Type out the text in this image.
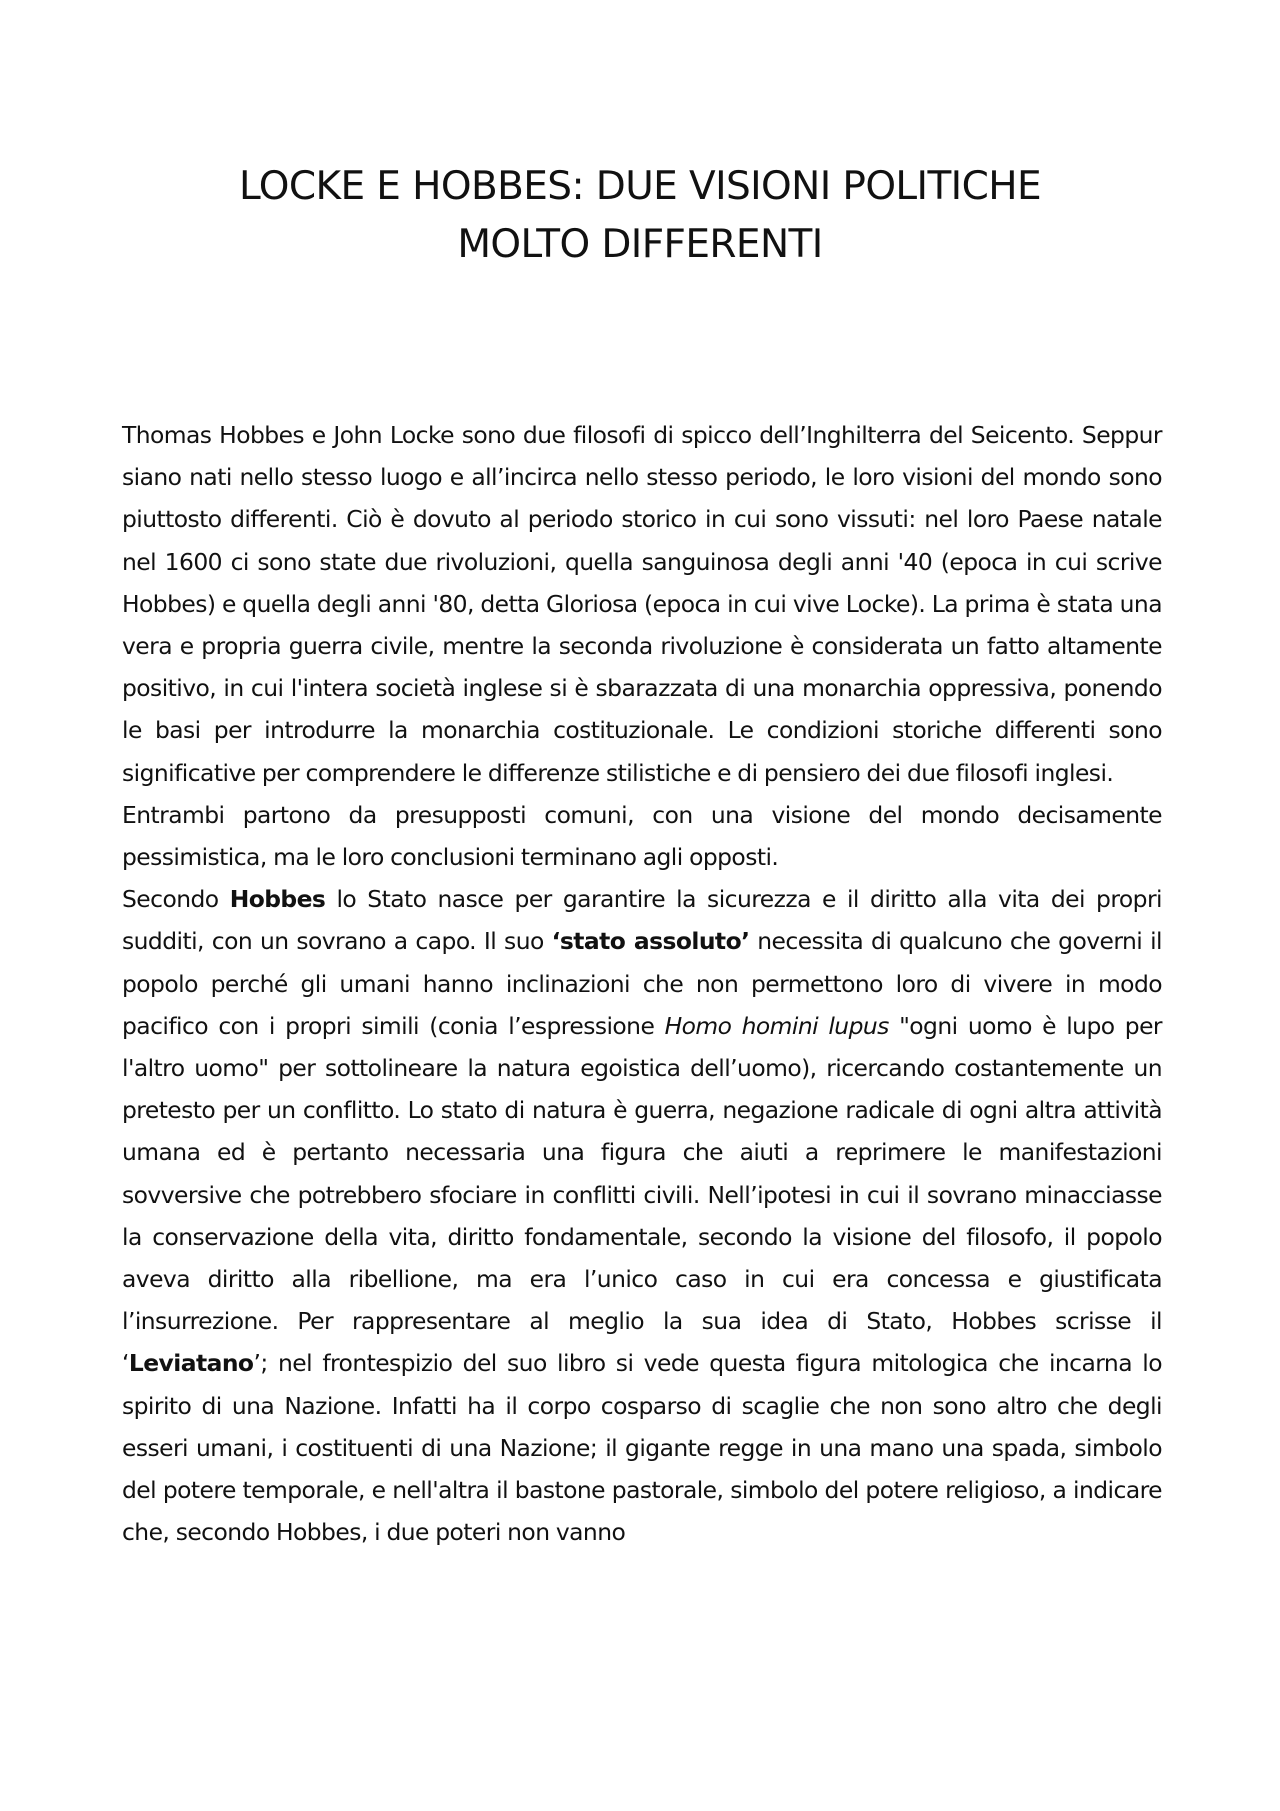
LOCKE E HOBBES: DUE VISIONI POLITICHE
MOLTO DIFFERENTI

Thomas Hobbes e John Locke sono due filosofi di spicco dell’Inghilterra del Seicento. Seppur siano nati nello stesso luogo e all’incirca nello stesso periodo, le loro visioni del mondo sono piuttosto differenti. Ciò è dovuto al periodo storico in cui sono vissuti: nel loro Paese natale nel 1600 ci sono state due rivoluzioni, quella sanguinosa degli anni '40 (epoca in cui scrive Hobbes) e quella degli anni '80, detta Gloriosa (epoca in cui vive Locke). La prima è stata una vera e propria guerra civile, mentre la seconda rivoluzione è considerata un fatto altamente positivo, in cui l'intera società inglese si è sbarazzata di una monarchia oppressiva, ponendo le basi per introdurre la monarchia costituzionale. Le condizioni storiche differenti sono significative per comprendere le differenze stilistiche e di pensiero dei due filosofi inglesi.

Entrambi partono da presupposti comuni, con una visione del mondo decisamente pessimistica, ma le loro conclusioni terminano agli opposti.

Secondo Hobbes lo Stato nasce per garantire la sicurezza e il diritto alla vita dei propri sudditi, con un sovrano a capo. Il suo ‘stato assoluto’ necessita di qualcuno che governi il popolo perché gli umani hanno inclinazioni che non permettono loro di vivere in modo pacifico con i propri simili (conia l’espressione Homo homini lupus "ogni uomo è lupo per l'altro uomo" per sottolineare la natura egoistica dell’uomo), ricercando costantemente un pretesto per un conflitto. Lo stato di natura è guerra, negazione radicale di ogni altra attività umana ed è pertanto necessaria una figura che aiuti a reprimere le manifestazioni sovversive che potrebbero sfociare in conflitti civili. Nell’ipotesi in cui il sovrano minacciasse la conservazione della vita, diritto fondamentale, secondo la visione del filosofo, il popolo aveva diritto alla ribellione, ma era l’unico caso in cui era concessa e giustificata l’insurrezione. Per rappresentare al meglio la sua idea di Stato, Hobbes scrisse il ‘Leviatano’; nel frontespizio del suo libro si vede questa figura mitologica che incarna lo spirito di una Nazione. Infatti ha il corpo cosparso di scaglie che non sono altro che degli esseri umani, i costituenti di una Nazione; il gigante regge in una mano una spada, simbolo del potere temporale, e nell'altra il bastone pastorale, simbolo del potere religioso, a indicare che, secondo Hobbes, i due poteri non vanno
